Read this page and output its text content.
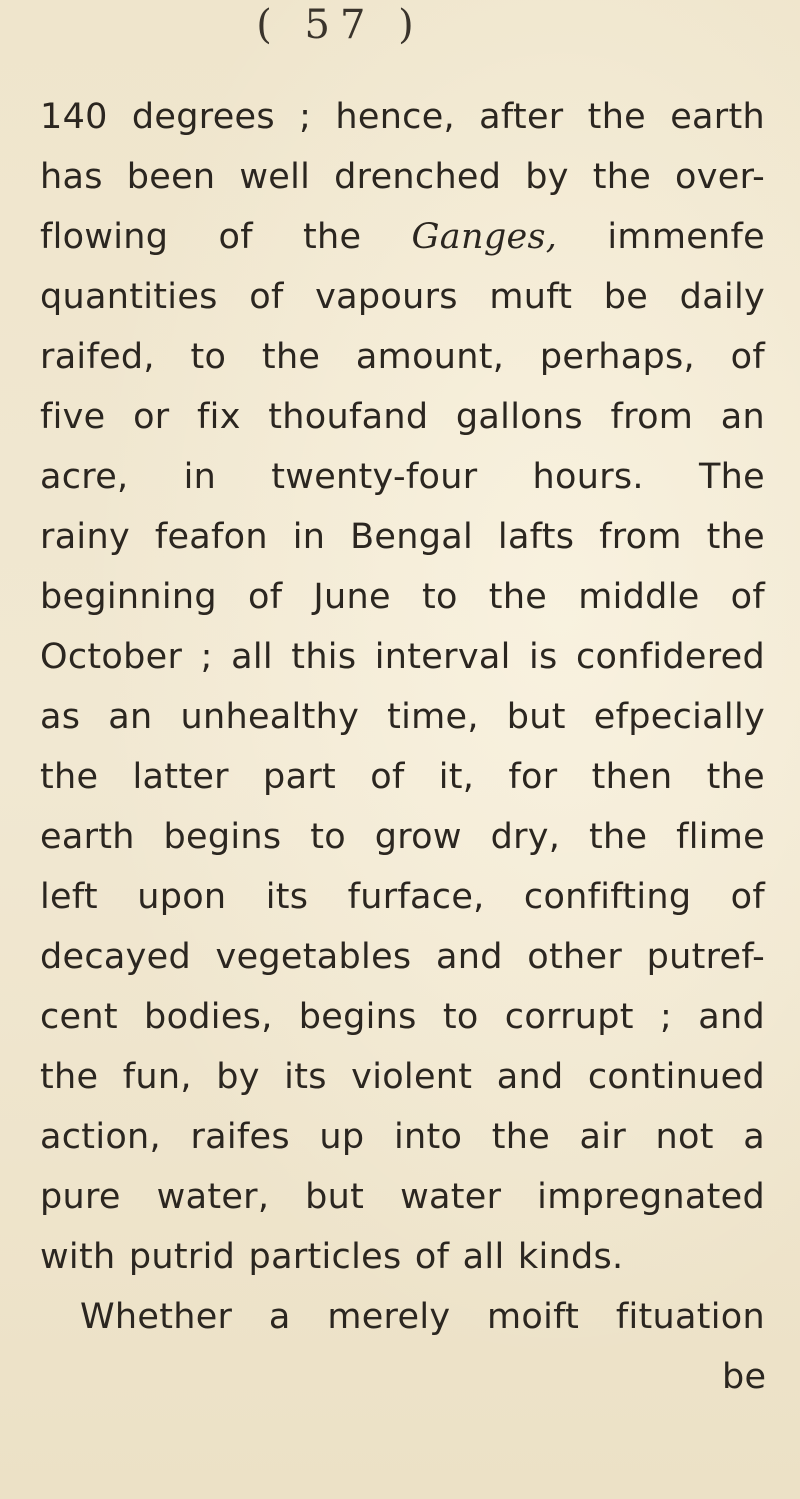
( 57 )
140 degrees ; hence, after the earth
has been well drenched by the over-
flowing of the Ganges, immenfe
quantities of vapours muft be daily
raifed, to the amount, perhaps, of
five or fix thoufand gallons from an
acre, in twenty-four hours. The
rainy feafon in Bengal lafts from the
beginning of June to the middle of
October ; all this interval is confidered
as an unhealthy time, but efpecially
the latter part of it, for then the
earth begins to grow dry, the flime
left upon its furface, confifting of
decayed vegetables and other putref-
cent bodies, begins to corrupt ; and
the fun, by its violent and continued
action, raifes up into the air not a
pure water, but water impregnated
with putrid particles of all kinds.
Whether a merely moift fituation
be
